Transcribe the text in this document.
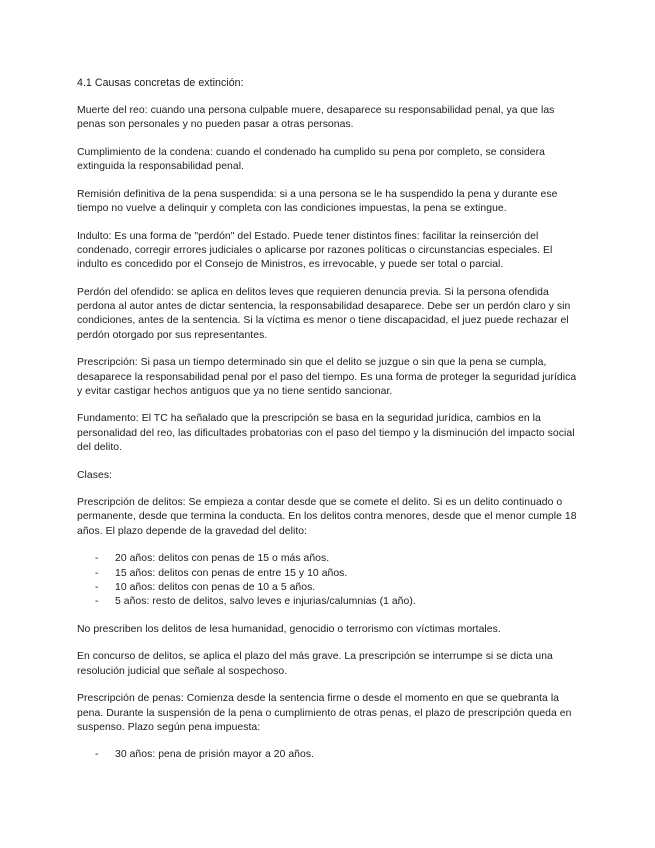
4.1 Causas concretas de extinción:

Muerte del reo: cuando una persona culpable muere, desaparece su responsabilidad penal, ya que las penas son personales y no pueden pasar a otras personas.

Cumplimiento de la condena: cuando el condenado ha cumplido su pena por completo, se considera extinguida la responsabilidad penal.

Remisión definitiva de la pena suspendida: si a una persona se le ha suspendido la pena y durante ese tiempo no vuelve a delinquir y completa con las condiciones impuestas, la pena se extingue.

Indulto: Es una forma de "perdón" del Estado. Puede tener distintos fines: facilitar la reinserción del condenado, corregir errores judiciales o aplicarse por razones políticas o circunstancias especiales. El indulto es concedido por el Consejo de Ministros, es irrevocable, y puede ser total o parcial.

Perdón del ofendido: se aplica en delitos leves que requieren denuncia previa. Si la persona ofendida perdona al autor antes de dictar sentencia, la responsabilidad desaparece. Debe ser un perdón claro y sin condiciones, antes de la sentencia. Si la víctima es menor o tiene discapacidad, el juez puede rechazar el perdón otorgado por sus representantes.

Prescripción: Si pasa un tiempo determinado sin que el delito se juzgue o sin que la pena se cumpla, desaparece la responsabilidad penal por el paso del tiempo. Es una forma de proteger la seguridad jurídica y evitar castigar hechos antiguos que ya no tiene sentido sancionar.

Fundamento: El TC ha señalado que la prescripción se basa en la seguridad jurídica, cambios en la personalidad del reo, las dificultades probatorias con el paso del tiempo y la disminución del impacto social del delito.

Clases:

Prescripción de delitos: Se empieza a contar desde que se comete el delito. Si es un delito continuado o permanente, desde que termina la conducta. En los delitos contra menores, desde que el menor cumple 18 años. El plazo depende de la gravedad del delito:

- 20 años: delitos con penas de 15 o más años.
- 15 años: delitos con penas de entre 15 y 10 años.
- 10 años: delitos con penas de 10 a 5 años.
- 5 años: resto de delitos, salvo leves e injurias/calumnias (1 año).

No prescriben los delitos de lesa humanidad, genocidio o terrorismo con víctimas mortales.

En concurso de delitos, se aplica el plazo del más grave. La prescripción se interrumpe si se dicta una resolución judicial que señale al sospechoso.

Prescripción de penas: Comienza desde la sentencia firme o desde el momento en que se quebranta la pena. Durante la suspensión de la pena o cumplimiento de otras penas, el plazo de prescripción queda en suspenso. Plazo según pena impuesta:

- 30 años: pena de prisión mayor a 20 años.
